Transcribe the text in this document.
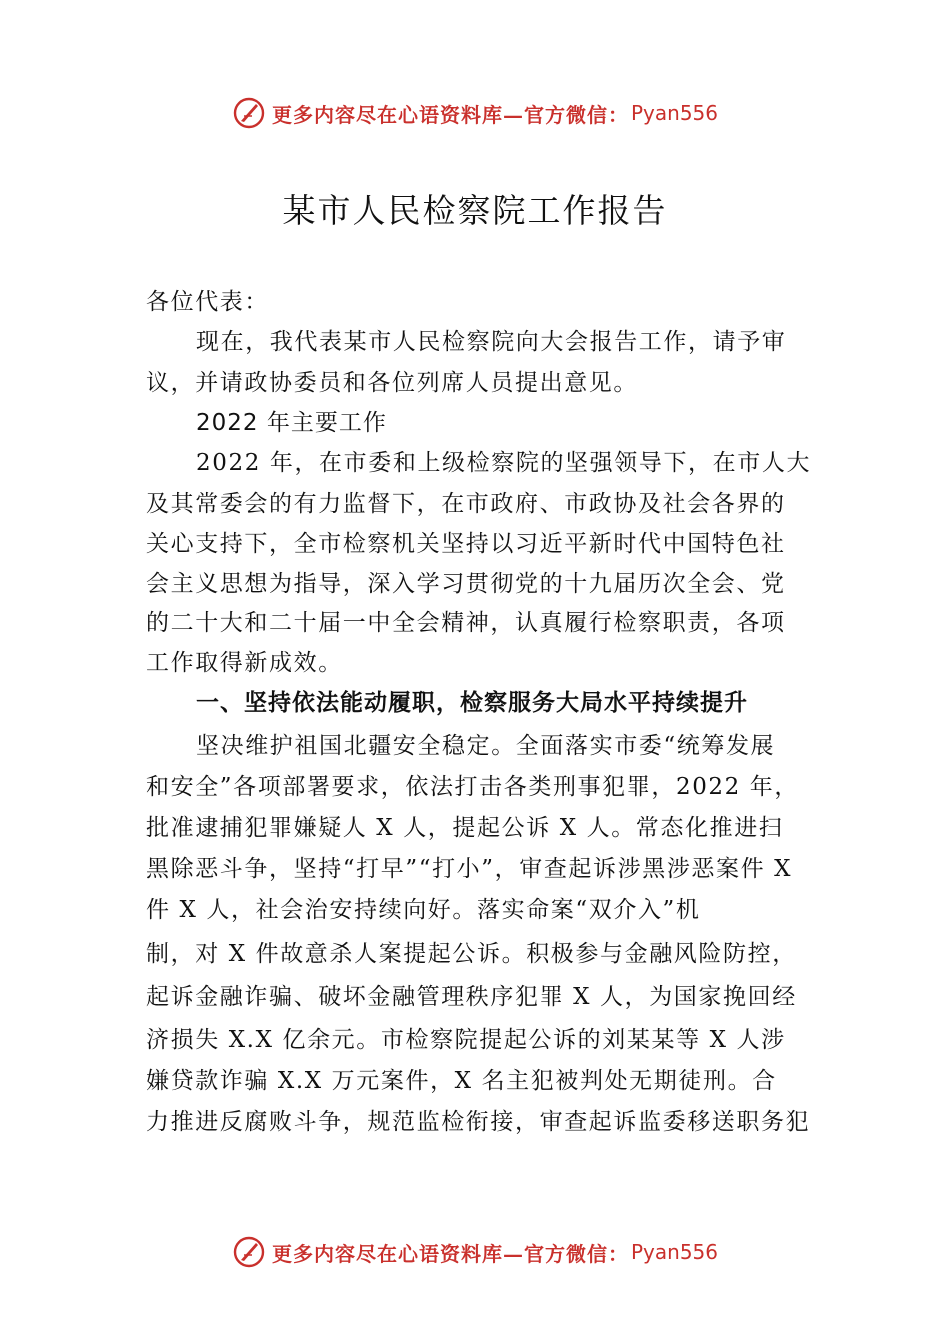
更多内容尽在心语资料库—官方微信： Pyan556
某市人民检察院工作报告
各位代表：
现在，我代表某市人民检察院向大会报告工作，请予审
议，并请政协委员和各位列席人员提出意见。
2022 年主要工作
2022 年，在市委和上级检察院的坚强领导下，在市人大
及其常委会的有力监督下，在市政府、市政协及社会各界的
关心支持下，全市检察机关坚持以习近平新时代中国特色社
会主义思想为指导，深入学习贯彻党的十九届历次全会、党
的二十大和二十届一中全会精神，认真履行检察职责，各项
工作取得新成效。
一、坚持依法能动履职，检察服务大局水平持续提升
坚决维护祖国北疆安全稳定。全面落实市委“统筹发展
和安全”各项部署要求，依法打击各类刑事犯罪，2022 年，
批准逮捕犯罪嫌疑人 X 人，提起公诉 X 人。常态化推进扫
黑除恶斗争，坚持“打早”“打小”，审查起诉涉黑涉恶案件 X
件 X 人，社会治安持续向好。落实命案“双介入”机
制，对 X 件故意杀人案提起公诉。积极参与金融风险防控，
起诉金融诈骗、破坏金融管理秩序犯罪 X 人，为国家挽回经
济损失 X.X 亿余元。市检察院提起公诉的刘某某等 X 人涉
嫌贷款诈骗 X.X 万元案件，X 名主犯被判处无期徒刑。合
力推进反腐败斗争，规范监检衔接，审查起诉监委移送职务犯
更多内容尽在心语资料库—官方微信： Pyan556
